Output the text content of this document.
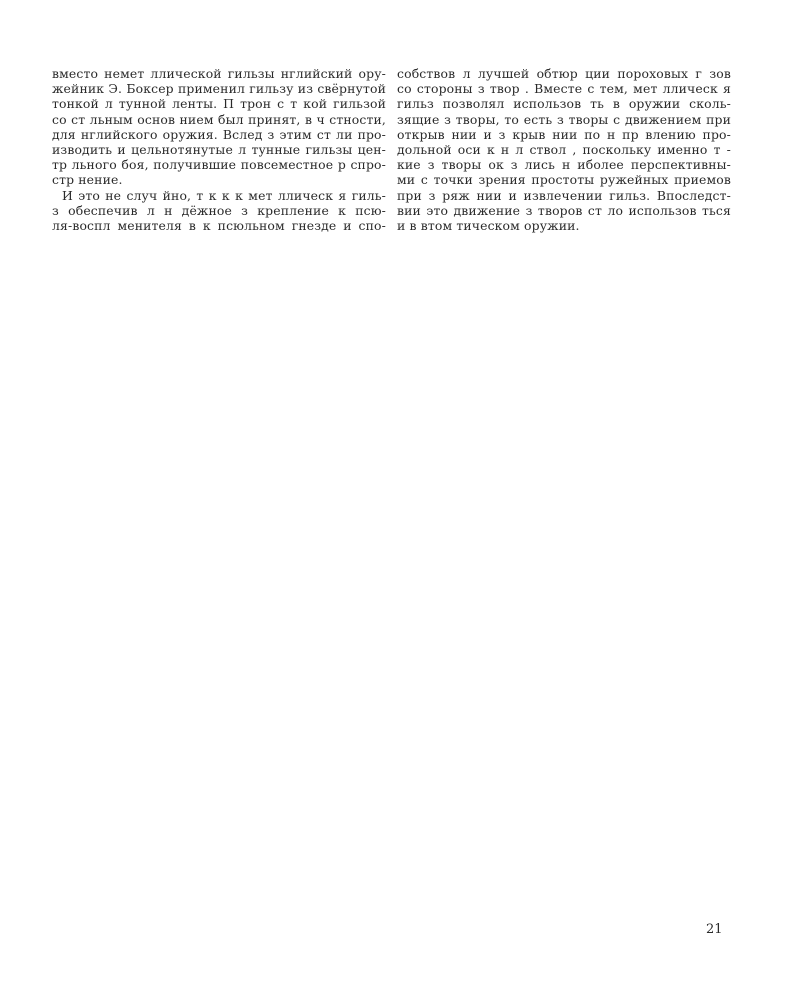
вместо немет ллической гильзы нглийский ору-
жейник Э. Боксер применил гильзу из свёрнутой
тонкой л тунной ленты. П трон с т кой гильзой
со ст льным основ нием был принят, в ч стности,
для нглийского оружия. Вслед з этим ст ли про-
изводить и цельнотянутые л тунные гильзы цен-
тр льного боя, получившие повсеместное р спро-
стр нение.
И это не случ йно, т к к к мет ллическ я гиль-
з обеспечив л н дёжное з крепление к псю-
ля-воспл менителя в к псюльном гнезде и спо-
собствов л лучшей обтюр ции пороховых г зов
со стороны з твор . Вместе с тем, мет ллическ я
гильз позволял использов ть в оружии сколь-
зящие з творы, то есть з творы с движением при
открыв нии и з крыв нии по н пр влению про-
дольной оси к н л ствол , поскольку именно т -
кие з творы ок з лись н иболее перспективны-
ми с точки зрения простоты ружейных приемов
при з ряж нии и извлечении гильз. Впоследст-
вии это движение з творов ст ло использов ться
и в втом тическом оружии.
21
